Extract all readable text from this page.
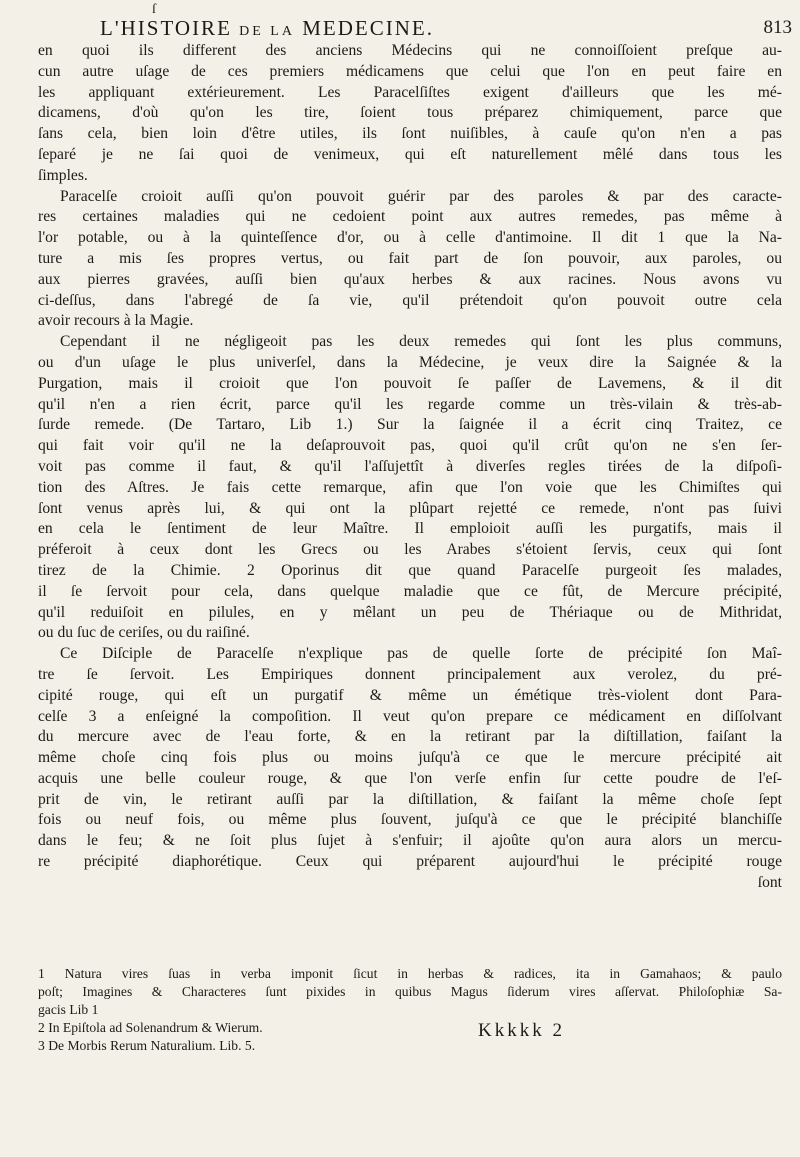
ſ
L'HISTOIRE DE LA MEDECINE.	813
en quoi ils different des anciens Médecins qui ne connoiſſoient preſque au-
cun autre uſage de ces premiers médicamens que celui que l'on en peut faire en
les appliquant extérieurement. Les Paracelſiſtes exigent d'ailleurs que les mé-
dicamens, d'où qu'on les tire, ſoient tous préparez chimiquement, parce que
ſans cela, bien loin d'être utiles, ils ſont nuiſibles, à cauſe qu'on n'en a pas
ſeparé je ne ſai quoi de venimeux, qui eſt naturellement mêlé dans tous les
ſimples.
Paracelſe croioit auſſi qu'on pouvoit guérir par des paroles & par des caracte-
res certaines maladies qui ne cedoient point aux autres remedes, pas même à
l'or potable, ou à la quinteſſence d'or, ou à celle d'antimoine. Il dit 1 que la Na-
ture a mis ſes propres vertus, ou fait part de ſon pouvoir, aux paroles, ou
aux pierres gravées, auſſi bien qu'aux herbes & aux racines. Nous avons vu
ci-deſſus, dans l'abregé de ſa vie, qu'il prétendoit qu'on pouvoit outre cela
avoir recours à la Magie.
Cependant il ne négligeoit pas les deux remedes qui ſont les plus communs,
ou d'un uſage le plus univerſel, dans la Médecine, je veux dire la Saignée & la
Purgation, mais il croioit que l'on pouvoit ſe paſſer de Lavemens, & il dit
qu'il n'en a rien écrit, parce qu'il les regarde comme un très-vilain & très-ab-
ſurde remede. (De Tartaro, Lib 1.) Sur la ſaignée il a écrit cinq Traitez, ce
qui fait voir qu'il ne la deſaprouvoit pas, quoi qu'il crût qu'on ne s'en ſer-
voit pas comme il faut, & qu'il l'aſſujettît à diverſes regles tirées de la diſpoſi-
tion des Aſtres. Je fais cette remarque, afin que l'on voie que les Chimiſtes qui
ſont venus après lui, & qui ont la plûpart rejetté ce remede, n'ont pas ſuivi
en cela le ſentiment de leur Maître. Il emploioit auſſi les purgatifs, mais il
préferoit à ceux dont les Grecs ou les Arabes s'étoient ſervis, ceux qui ſont
tirez de la Chimie. 2 Oporinus dit que quand Paracelſe purgeoit ſes malades,
il ſe ſervoit pour cela, dans quelque maladie que ce fût, de Mercure précipité,
qu'il reduiſoit en pilules, en y mêlant un peu de Thériaque ou de Mithridat,
ou du ſuc de ceriſes, ou du raiſiné.
Ce Diſciple de Paracelſe n'explique pas de quelle ſorte de précipité ſon Maî-
tre ſe ſervoit. Les Empiriques donnent principalement aux verolez, du pré-
cipité rouge, qui eſt un purgatif & même un émétique très-violent dont Para-
celſe 3 a enſeigné la compoſition. Il veut qu'on prepare ce médicament en diſſolvant
du mercure avec de l'eau forte, & en la retirant par la diſtillation, faiſant la
même choſe cinq fois plus ou moins juſqu'à ce que le mercure précipité ait
acquis une belle couleur rouge, & que l'on verſe enfin ſur cette poudre de l'eſ-
prit de vin, le retirant auſſi par la diſtillation, & faiſant la même choſe ſept
fois ou neuf fois, ou même plus ſouvent, juſqu'à ce que le précipité blanchiſſe
dans le feu; & ne ſoit plus ſujet à s'enfuir; il ajoûte qu'on aura alors un mercu-
re précipité diaphorétique. Ceux qui préparent aujourd'hui le précipité rouge
ſont
1 Natura vires ſuas in verba imponit ſicut in herbas & radices, ita in Gamahaos; & paulo
poſt; Imagines & Characteres ſunt pixides in quibus Magus ſiderum vires aſſervat. Philoſophiæ Sa-
gacis Lib 1
2 In Epiſtola ad Solenandrum & Wierum.
3 De Morbis Rerum Naturalium. Lib. 5.
Kkkkk 2
